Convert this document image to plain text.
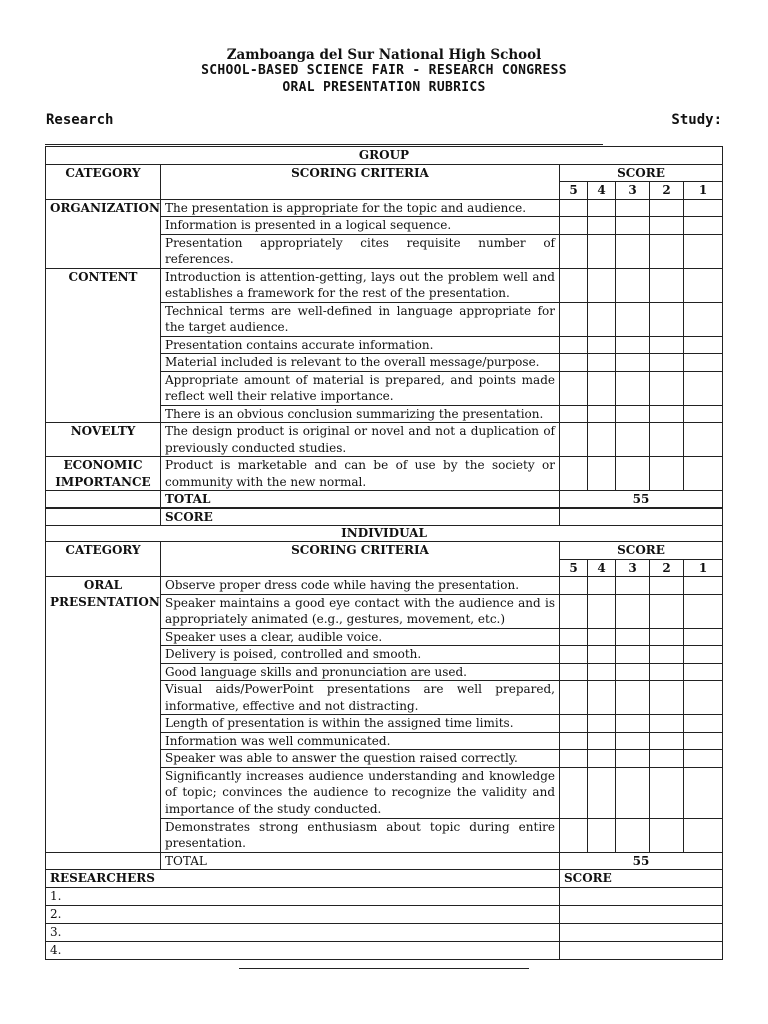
Zamboanga del Sur National High School
SCHOOL-BASED SCIENCE FAIR - RESEARCH CONGRESS
ORAL PRESENTATION RUBRICS
Research	Study:
GROUP						
CATEGORY	SCORING CRITERIA	SCORE				
		5	4	3	2	1
ORGANIZATION	The presentation is appropriate for the topic and audience.					
	Information is presented in a logical sequence.					
	Presentation appropriately cites requisite number of references.					
CONTENT	Introduction is attention-getting, lays out the problem well and establishes a framework for the rest of the presentation.					
	Technical terms are well-defined in language appropriate for the target audience.					
	Presentation contains accurate information.					
	Material included is relevant to the overall message/purpose.					
	Appropriate amount of material is prepared, and points made reflect well their relative importance.					
	There is an obvious conclusion summarizing the presentation.					
NOVELTY	The design product is original or novel and not a duplication of previously conducted studies.					
ECONOMIC IMPORTANCE	Product is marketable and can be of use by the society or community with the new normal.					
	TOTAL	55				
	SCORE					
INDIVIDUAL						
CATEGORY	SCORING CRITERIA	SCORE				
		5	4	3	2	1
ORAL PRESENTATION	Observe proper dress code while having the presentation.					
	Speaker maintains a good eye contact with the audience and is appropriately animated (e.g., gestures, movement, etc.)					
	Speaker uses a clear, audible voice.					
	Delivery is poised, controlled and smooth.					
	Good language skills and pronunciation are used.					
	Visual aids/PowerPoint presentations are well prepared, informative, effective and not distracting.					
	Length of presentation is within the assigned time limits.					
	Information was well communicated.					
	Speaker was able to answer the question raised correctly.					
	Significantly increases audience understanding and knowledge of topic; convinces the audience to recognize the validity and importance of the study conducted.					
	Demonstrates strong enthusiasm about topic during entire presentation.					
	TOTAL	55				
RESEARCHERS		SCORE				
1.						
2.						
3.						
4.						
